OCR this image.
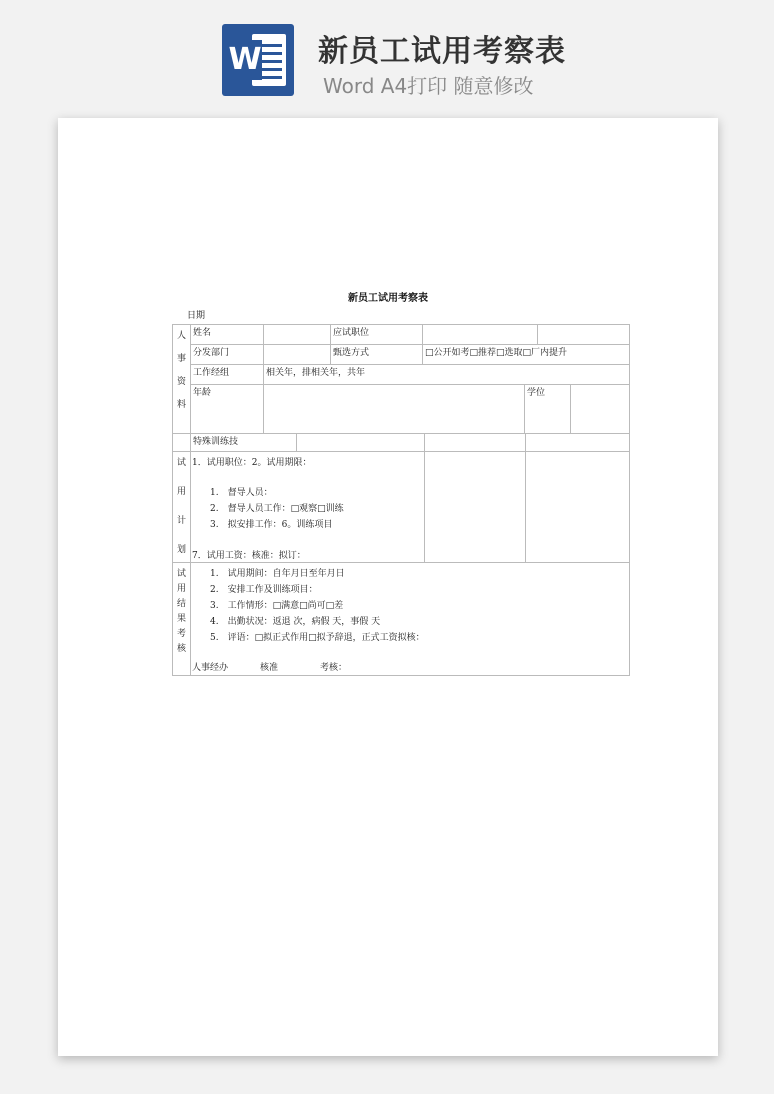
W 新员工试用考察表
Word A4打印 随意修改
新员工试用考察表
日期
人
事
资
料
姓名	应试职位
分发部门	甄选方式	□公开如考□推荐□选取□厂内提升
工作经组	相关年，排相关年，共年
年龄	学位
特殊训练技
试
用
计
划
1．试用职位：2。试用期限：
1.　督导人员：
2.　督导人员工作：□观察□训练
3.　拟安排工作：6。训练项目
7．试用工资：核准：拟订：
试
用
结
果
考
核
1.　试用期间：自年月日至年月日
2.　安排工作及训练项目：
3.　工作情形：□满意□尚可□差
4.　出勤状况：返退 次，病假 天，事假 天
5.　评语：□拟正式作用□拟予辞退，正式工资拟核：
人事经办	核准	考核：
